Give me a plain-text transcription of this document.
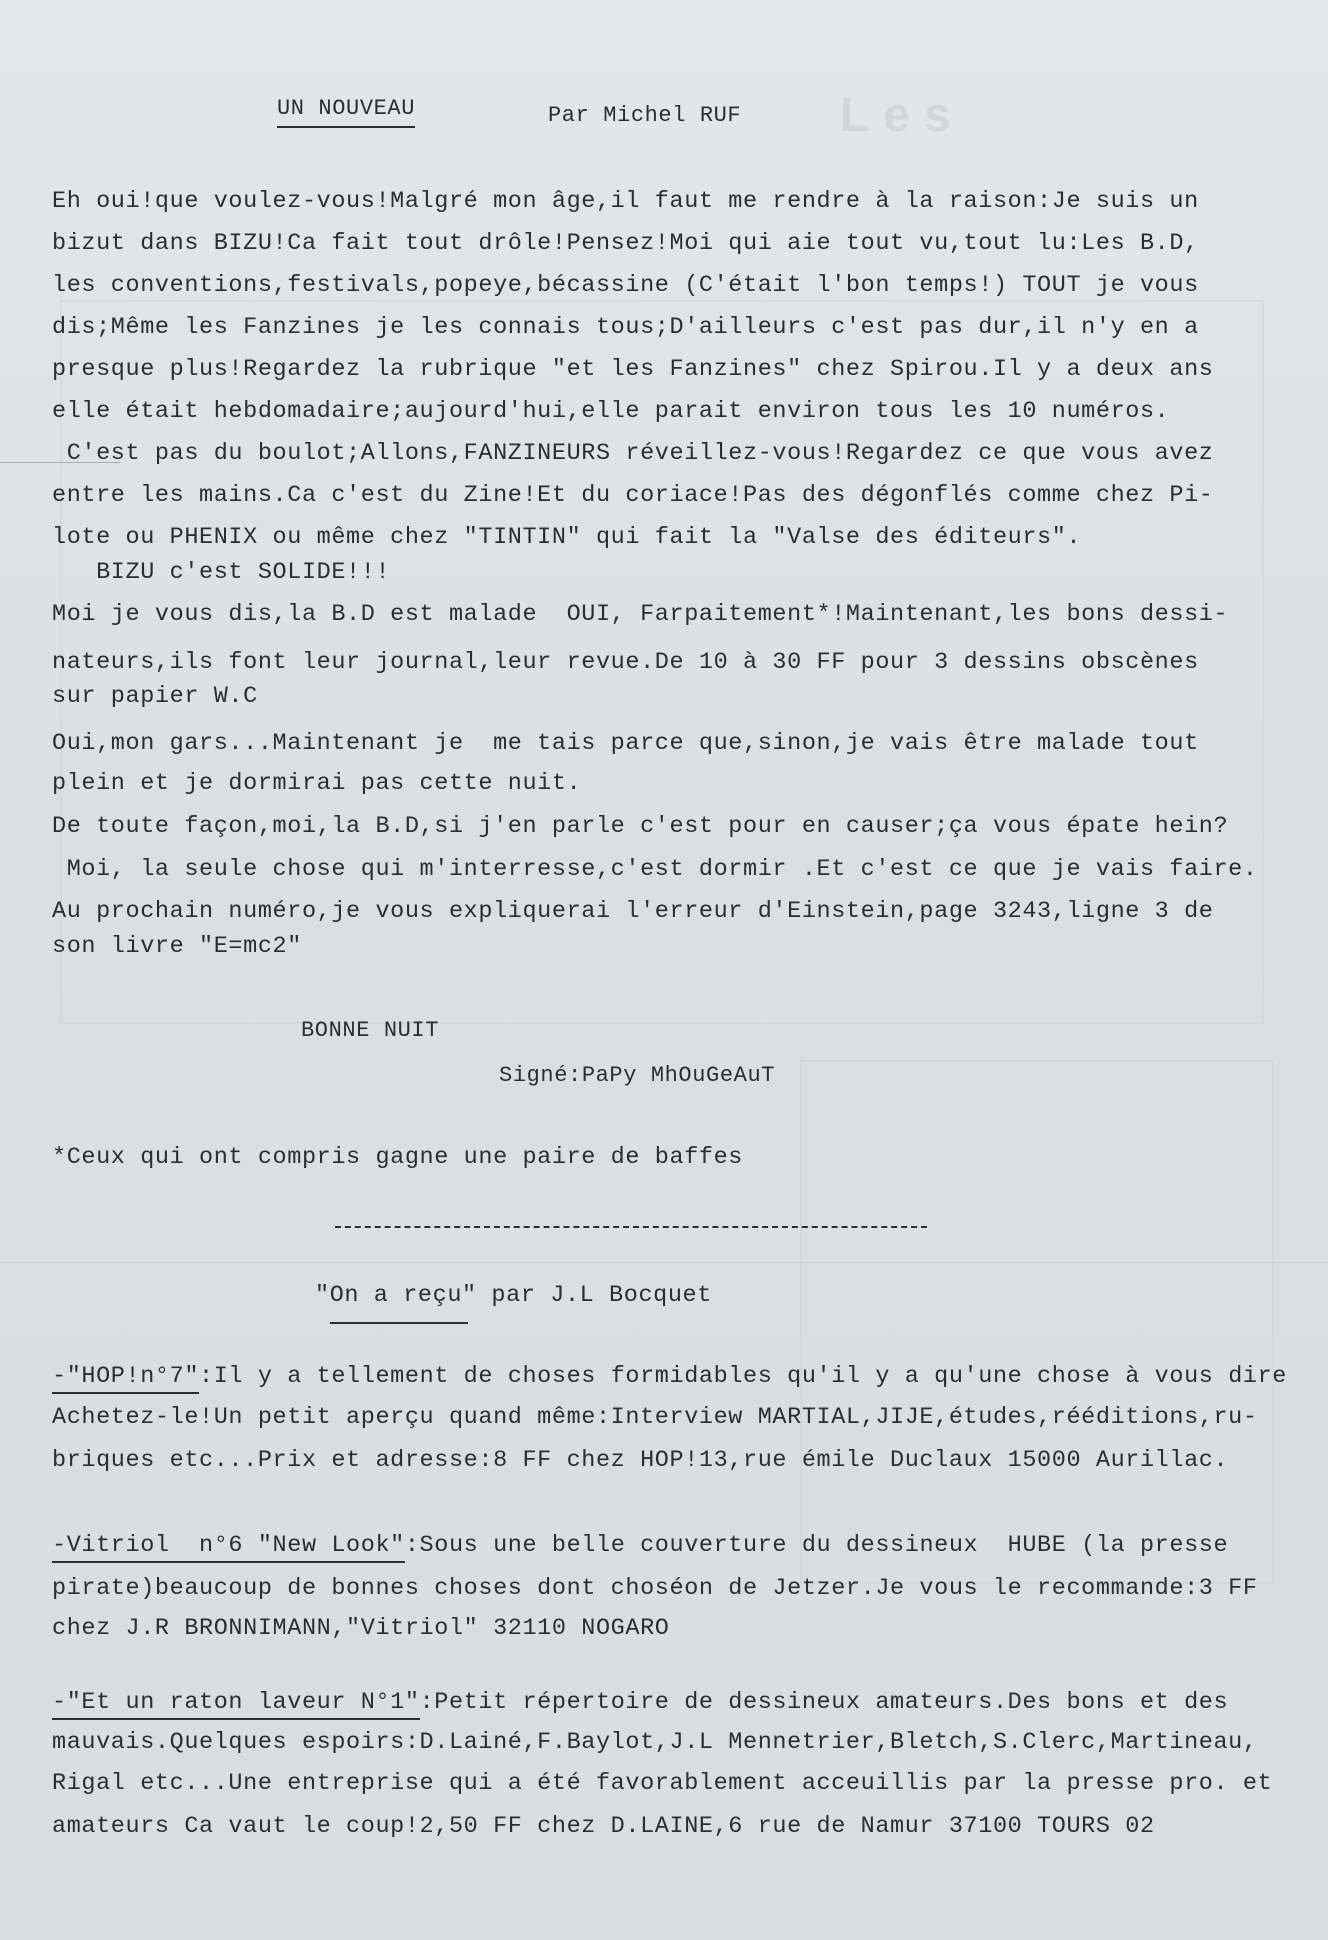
Les
UN NOUVEAU	Par Michel RUF
Eh oui!que voulez-vous!Malgré mon âge,il faut me rendre à la raison:Je suis un
bizut dans BIZU!Ca fait tout drôle!Pensez!Moi qui aie tout vu,tout lu:Les B.D,
les conventions,festivals,popeye,bécassine (C'était l'bon temps!) TOUT je vous
dis;Même les Fanzines je les connais tous;D'ailleurs c'est pas dur,il n'y en a
presque plus!Regardez la rubrique "et les Fanzines" chez Spirou.Il y a deux ans
elle était hebdomadaire;aujourd'hui,elle parait environ tous les 10 numéros.
C'est pas du boulot;Allons,FANZINEURS réveillez-vous!Regardez ce que vous avez
entre les mains.Ca c'est du Zine!Et du coriace!Pas des dégonflés comme chez Pi-
lote ou PHENIX ou même chez "TINTIN" qui fait la "Valse des éditeurs".
BIZU c'est SOLIDE!!!
Moi je vous dis,la B.D est malade  OUI, Farpaitement*!Maintenant,les bons dessi-
nateurs,ils font leur journal,leur revue.De 10 à 30 FF pour 3 dessins obscènes
sur papier W.C
Oui,mon gars...Maintenant je  me tais parce que,sinon,je vais être malade tout
plein et je dormirai pas cette nuit.
De toute façon,moi,la B.D,si j'en parle c'est pour en causer;ça vous épate hein?
Moi, la seule chose qui m'interresse,c'est dormir .Et c'est ce que je vais faire.
Au prochain numéro,je vous expliquerai l'erreur d'Einstein,page 3243,ligne 3 de
son livre "E=mc2"
BONNE NUIT
Signé:PaPy MhOuGeAuT
*Ceux qui ont compris gagne une paire de baffes
"On a reçu" par J.L Bocquet
-"HOP!n°7":Il y a tellement de choses formidables qu'il y a qu'une chose à vous dire
Achetez-le!Un petit aperçu quand même:Interview MARTIAL,JIJE,études,rééditions,ru-
briques etc...Prix et adresse:8 FF chez HOP!13,rue émile Duclaux 15000 Aurillac.
-Vitriol  n°6 "New Look":Sous une belle couverture du dessineux  HUBE (la presse
pirate)beaucoup de bonnes choses dont choséon de Jetzer.Je vous le recommande:3 FF
chez J.R BRONNIMANN,"Vitriol" 32110 NOGARO
-"Et un raton laveur N°1":Petit répertoire de dessineux amateurs.Des bons et des
mauvais.Quelques espoirs:D.Lainé,F.Baylot,J.L Mennetrier,Bletch,S.Clerc,Martineau,
Rigal etc...Une entreprise qui a été favorablement acceuillis par la presse pro. et
amateurs Ca vaut le coup!2,50 FF chez D.LAINE,6 rue de Namur 37100 TOURS 02
